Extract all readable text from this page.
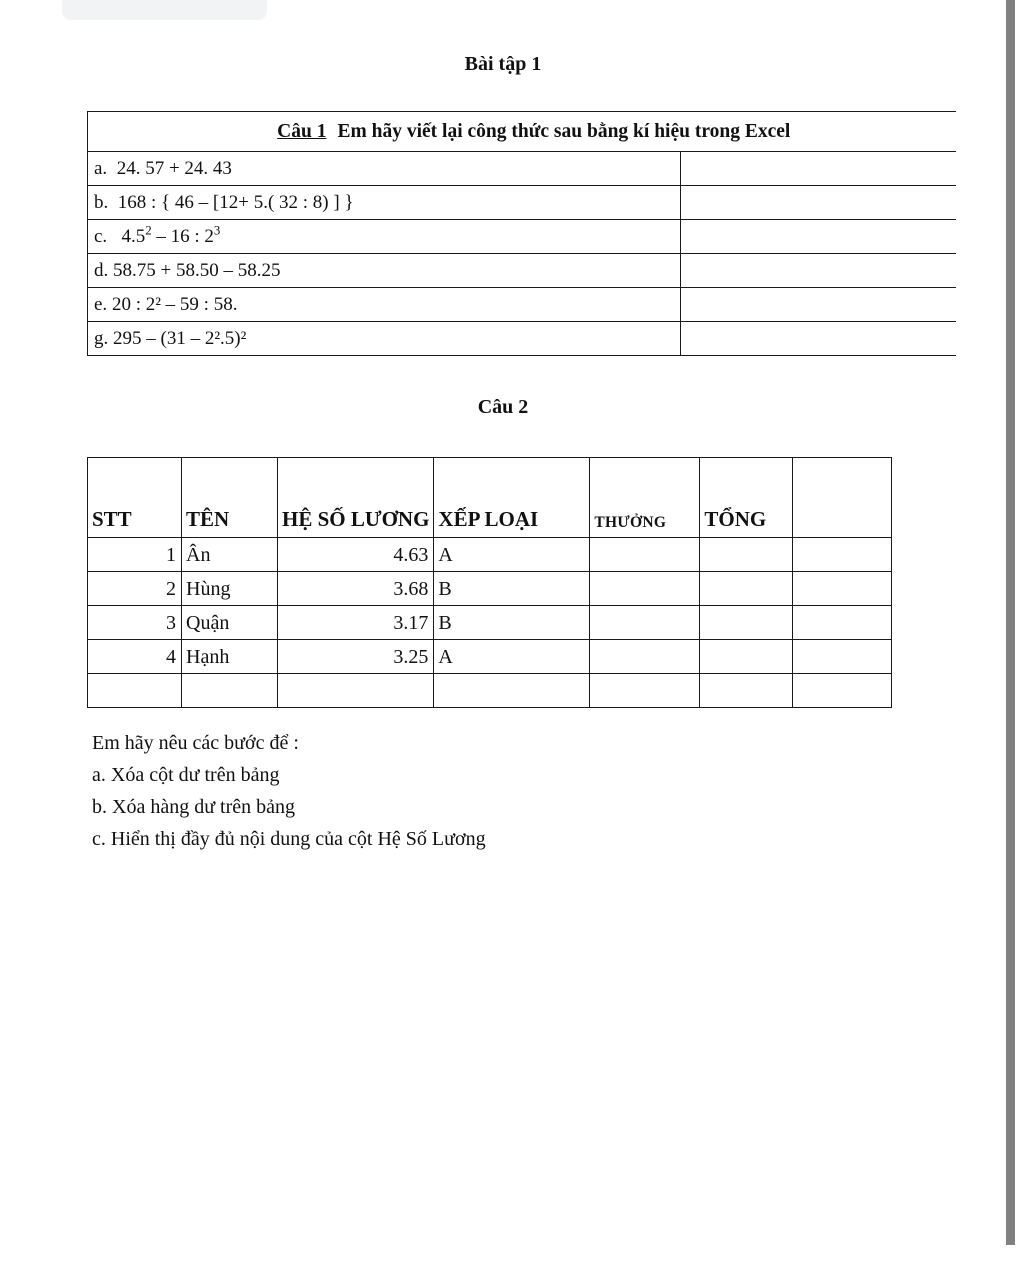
Bài tập 1
Câu 1 Em hãy viết lại công thức sau bằng kí hiệu trong Excel	
a. 24. 57 + 24. 43	
b. 168 : { 46 – [12+ 5.( 32 : 8) ] }	
c. $4.5^2 - 16$ : $2^3$	
d. 58.75 + 58.50 – 58.25	
e. 20 : 2² – 59 : 58.	
g. 295 – (31 – 2².5)²	
Câu 2
STT	TÊN	HỆ SỐ LƯƠNG	XẾP LOẠI	THƯỞNG	TỔNG	
1	Ân	4.63	A			
2	Hùng	3.68	B			
3	Quận	3.17	B			
4	Hạnh	3.25	A			

Em hãy nêu các bước để :
a. Xóa cột dư trên bảng
b. Xóa hàng dư trên bảng
c. Hiển thị đầy đủ nội dung của cột Hệ Số Lương
